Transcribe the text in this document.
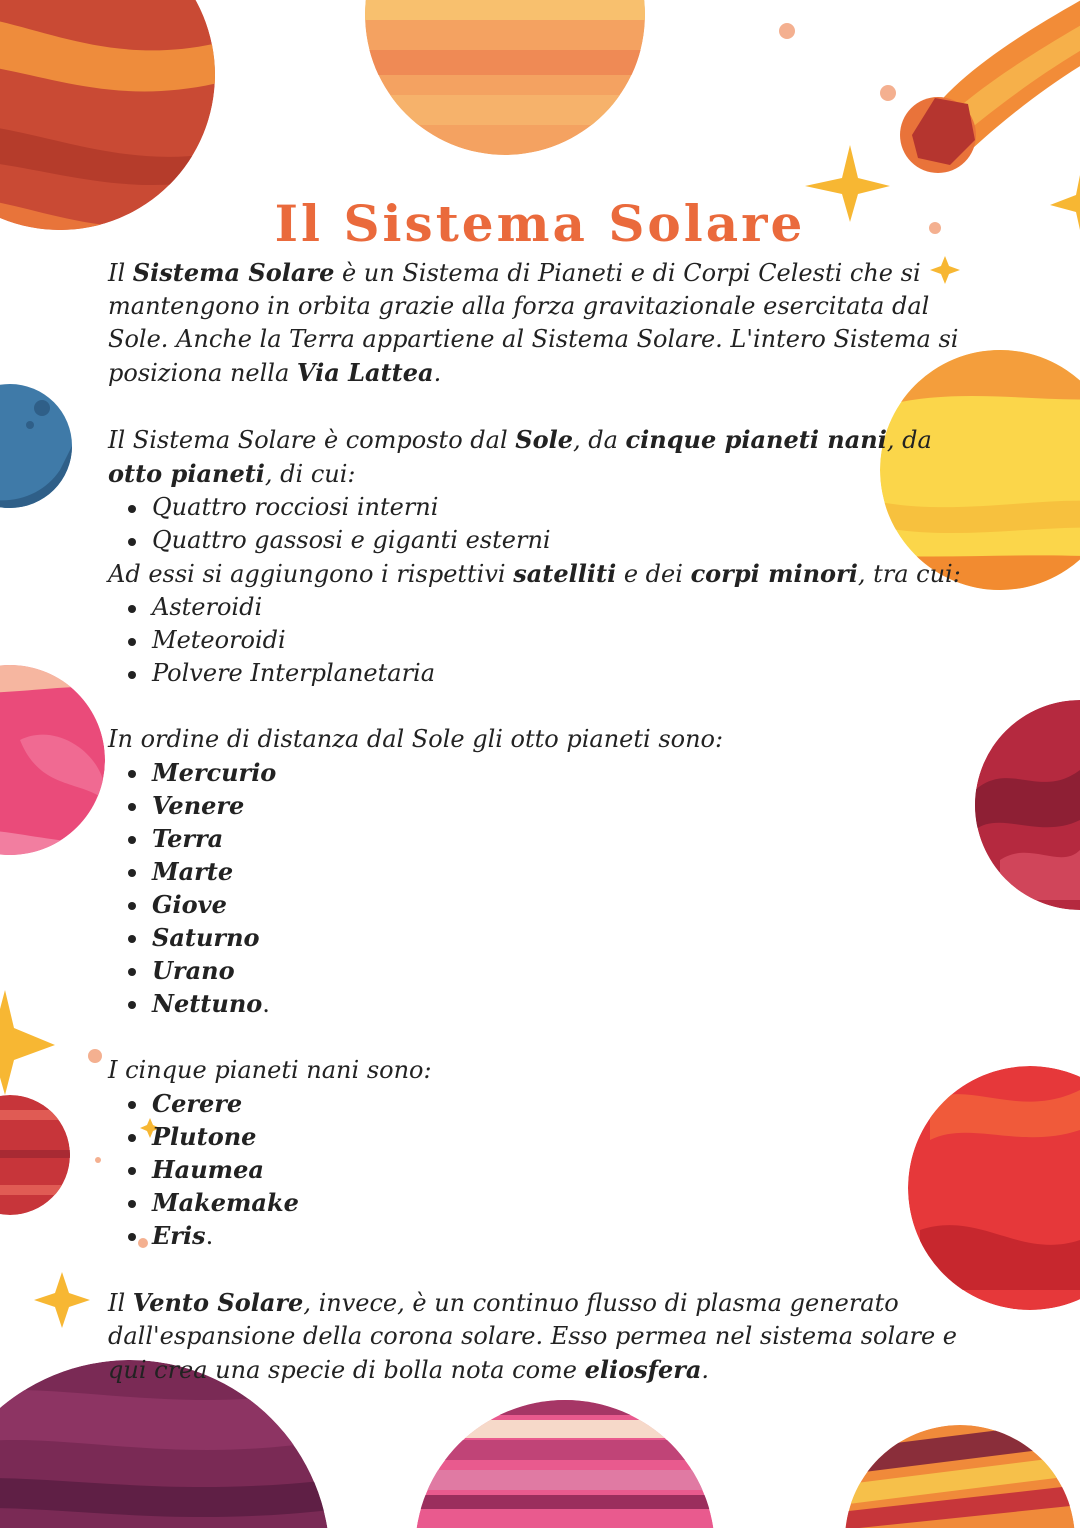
Il Sistema Solare

Il Sistema Solare è un Sistema di Pianeti e di Corpi Celesti che si mantengono in orbita grazie alla forza gravitazionale esercitata dal Sole. Anche la Terra appartiene al Sistema Solare. L'intero Sistema si posiziona nella Via Lattea.

Il Sistema Solare è composto dal Sole, da cinque pianeti nani, da otto pianeti, di cui:

Quattro rocciosi interni
Quattro gassosi e giganti esterni

Ad essi si aggiungono i rispettivi satelliti e dei corpi minori, tra cui:

Asteroidi
Meteoroidi
Polvere Interplanetaria

In ordine di distanza dal Sole gli otto pianeti sono:

Mercurio
Venere
Terra
Marte
Giove
Saturno
Urano
Nettuno.

I cinque pianeti nani sono:

Cerere
Plutone
Haumea
Makemake
Eris.

Il Vento Solare, invece, è un continuo flusso di plasma generato dall'espansione della corona solare. Esso permea nel sistema solare e qui crea una specie di bolla nota come eliosfera.
